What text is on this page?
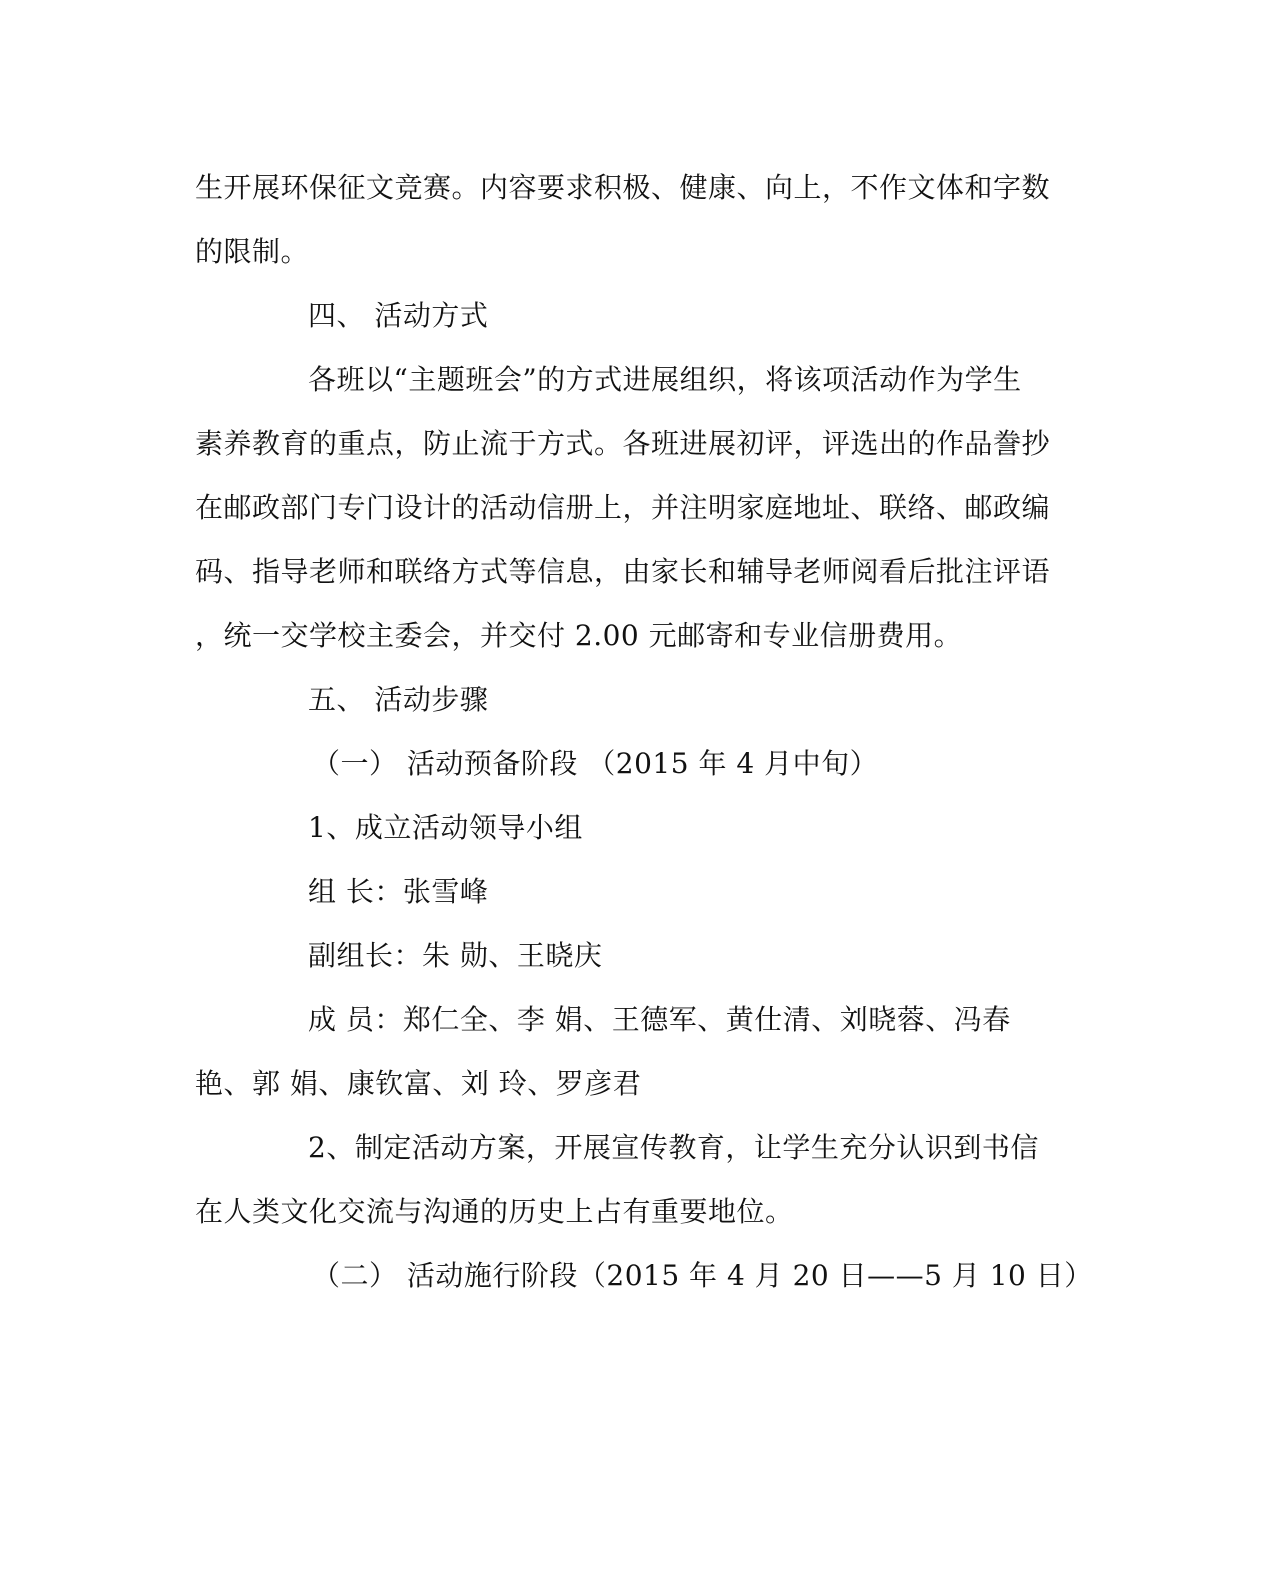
生开展环保征文竞赛。内容要求积极、健康、向上，不作文体和字数
的限制。
四、 活动方式
各班以“主题班会”的方式进展组织，将该项活动作为学生
素养教育的重点，防止流于方式。各班进展初评，评选出的作品誊抄
在邮政部门专门设计的活动信册上，并注明家庭地址、联络、邮政编
码、指导老师和联络方式等信息，由家长和辅导老师阅看后批注评语
，统一交学校主委会，并交付 2.00 元邮寄和专业信册费用。
五、 活动步骤
（一） 活动预备阶段 （2015 年 4 月中旬）
1、成立活动领导小组
组 长：张雪峰
副组长：朱 勋、王晓庆
成 员：郑仁全、李 娟、王德军、黄仕清、刘晓蓉、冯春
艳、郭 娟、康钦富、刘 玲、罗彦君
2、制定活动方案，开展宣传教育，让学生充分认识到书信
在人类文化交流与沟通的历史上占有重要地位。
（二） 活动施行阶段（2015 年 4 月 20 日——5 月 10 日）
